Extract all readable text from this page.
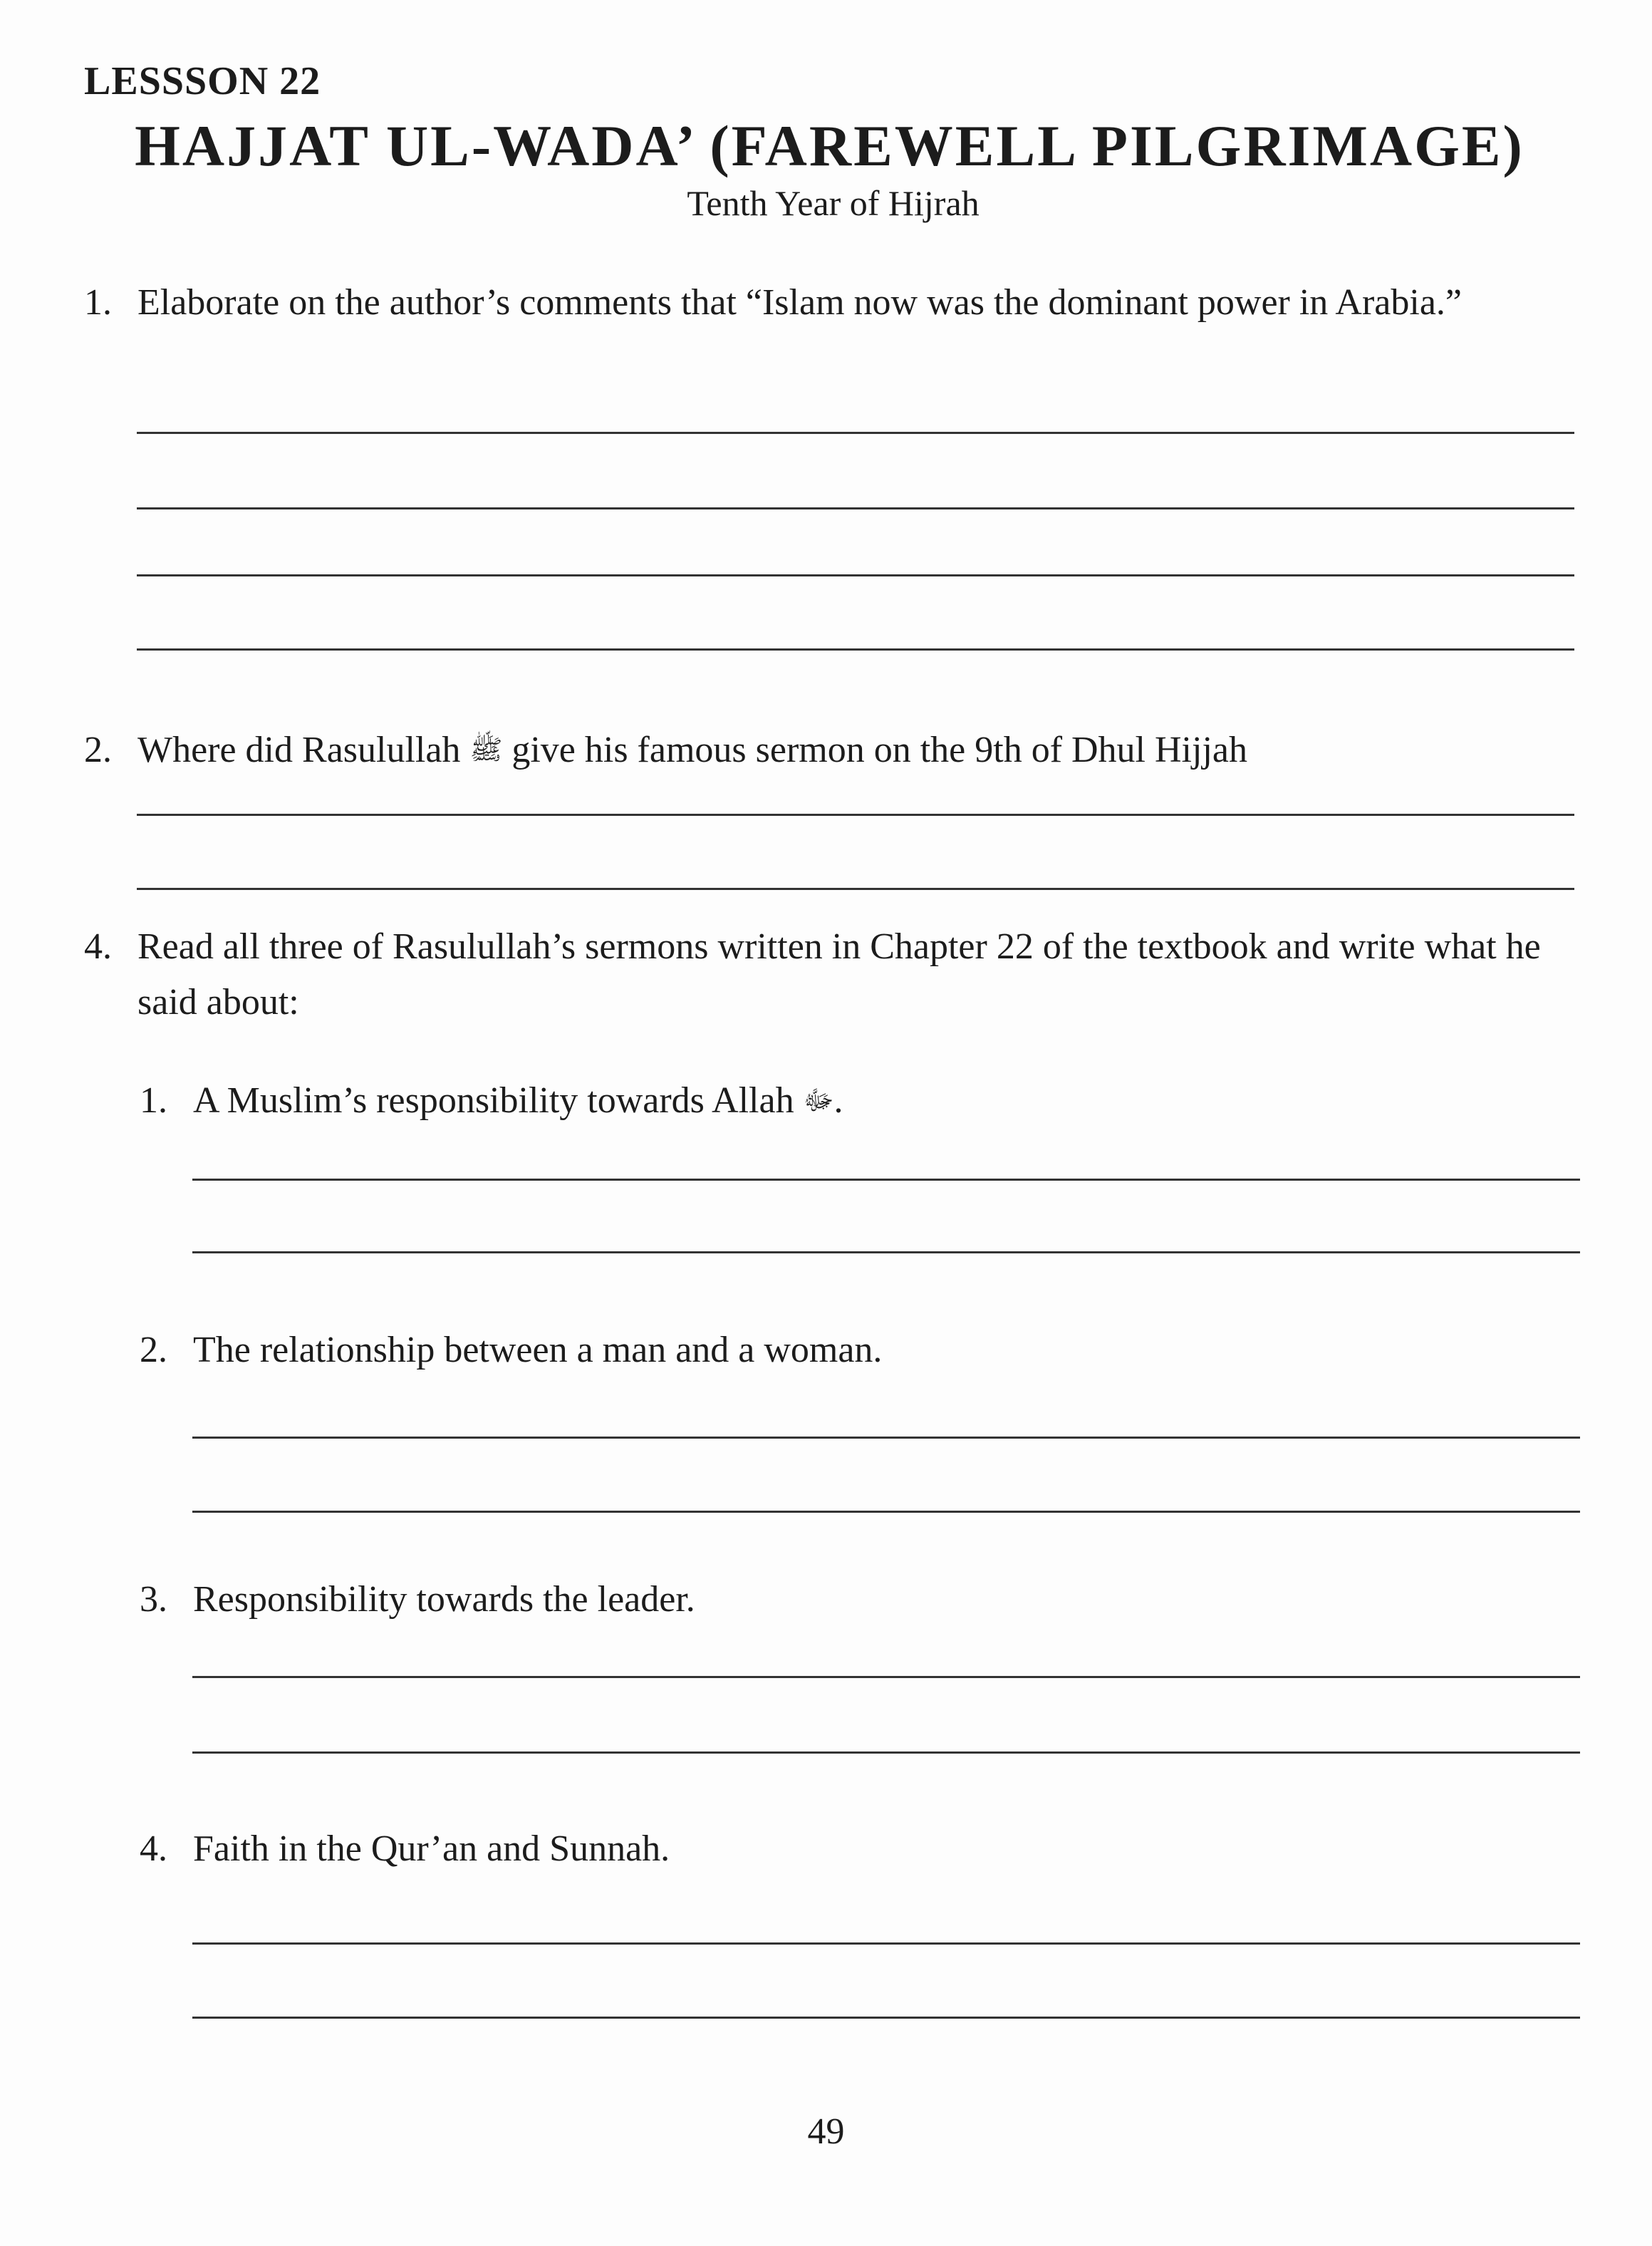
LESSSON 22
HAJJAT UL-WADA’ (FAREWELL PILGRIMAGE)
Tenth Year of Hijrah
1. Elaborate on the author’s comments that “Islam now was the dominant power in Arabia.”
2. Where did Rasulullah ﷺ give his famous sermon on the 9th of Dhul Hijjah
4. Read all three of Rasulullah’s sermons written in Chapter 22 of the textbook and write what he said about:
1. A Muslim’s responsibility towards Allah ﷻ.
2. The relationship between a man and a woman.
3. Responsibility towards the leader.
4. Faith in the Qur’an and Sunnah.
49
